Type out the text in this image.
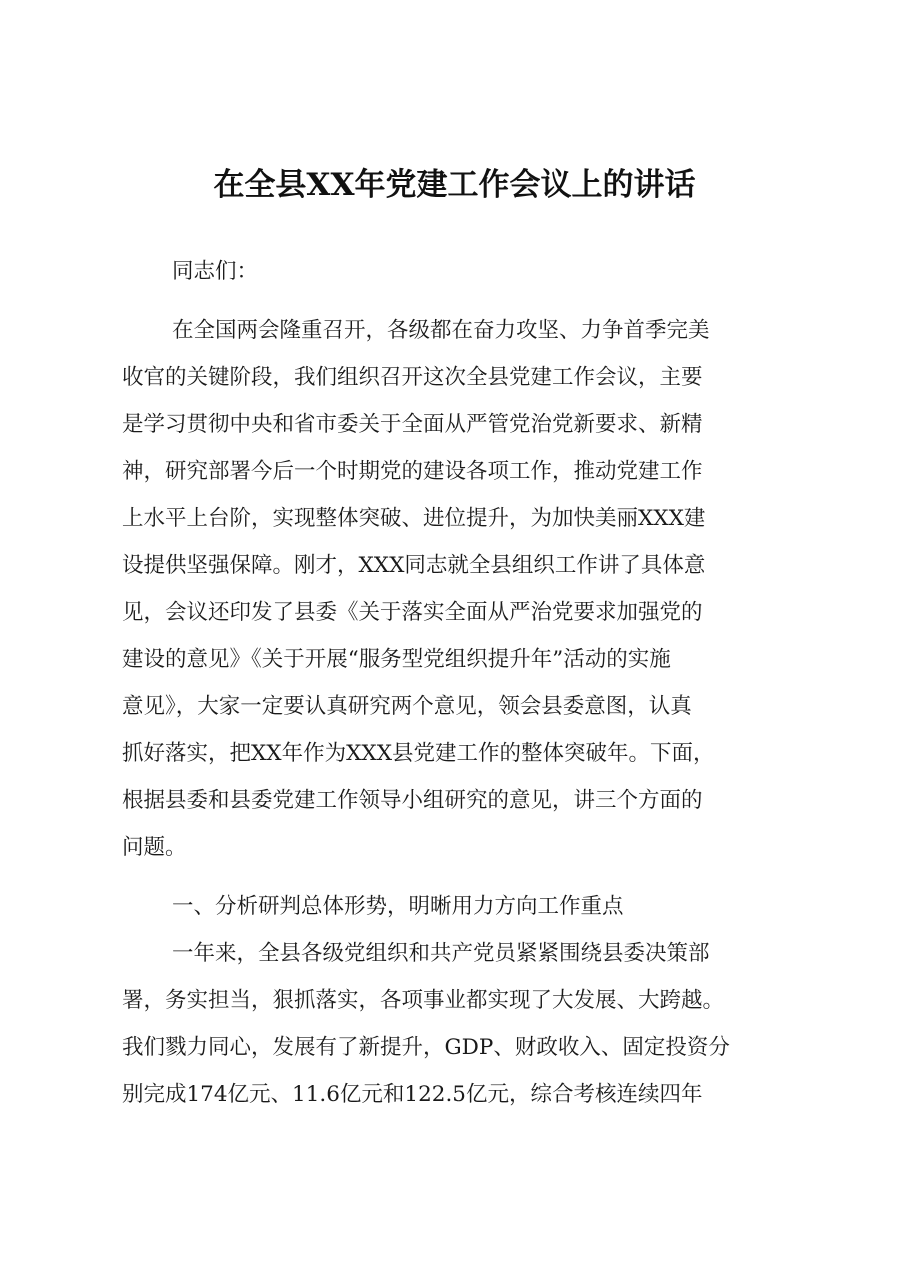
在全县XX年党建工作会议上的讲话
同志们：
在全国两会隆重召开，各级都在奋力攻坚、力争首季完美
收官的关键阶段，我们组织召开这次全县党建工作会议，主要
是学习贯彻中央和省市委关于全面从严管党治党新要求、新精
神，研究部署今后一个时期党的建设各项工作，推动党建工作
上水平上台阶，实现整体突破、进位提升，为加快美丽XXX建
设提供坚强保障。刚才，XXX同志就全县组织工作讲了具体意
见，会议还印发了县委《关于落实全面从严治党要求加强党的
建设的意见》《关于开展“服务型党组织提升年”活动的实施
意见》，大家一定要认真研究两个意见，领会县委意图，认真
抓好落实，把XX年作为XXX县党建工作的整体突破年。下面，
根据县委和县委党建工作领导小组研究的意见，讲三个方面的
问题。
一、分析研判总体形势，明晰用力方向工作重点
一年来，全县各级党组织和共产党员紧紧围绕县委决策部
署，务实担当，狠抓落实，各项事业都实现了大发展、大跨越。
我们戮力同心，发展有了新提升，GDP、财政收入、固定投资分
别完成174亿元、11.6亿元和122.5亿元，综合考核连续四年
